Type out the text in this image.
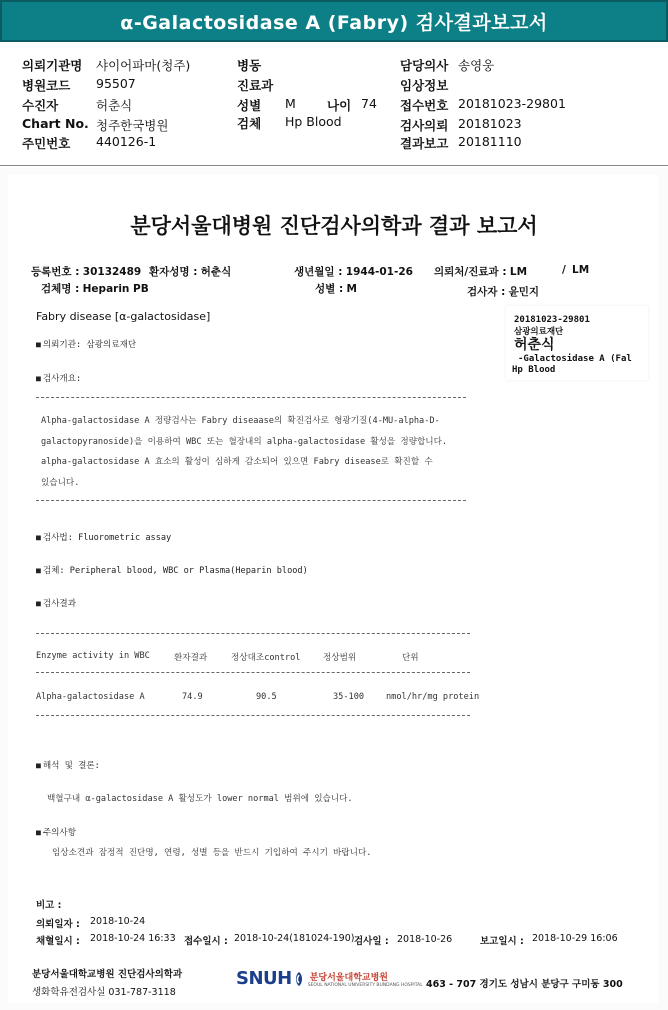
α-Galactosidase A (Fabry) 검사결과보고서
의뢰기관명 샤이어파마(청주)
병원코드 95507
수진자	허춘식
Chart No. 청주한국병원
주민번호 440126-1
병동
진료과
성별 M 나이 74
검체 Hp Blood
담당의사 송영웅
임상정보
접수번호 20181023-29801
검사의뢰 20181023
결과보고 20181110
분당서울대병원 진단검사의학과 결과 보고서
등록번호 : 30132489 환자성명 : 허춘식	생년월일 : 1944-01-26 의뢰처/진료과 : LM	/ LM
검체명 : Heparin PB	성별 : M	검사자 : 윤민지
Fabry disease [α-galactosidase]	20181023-29801
삼광의료재단
허춘식
-Galactosidase A (Fal
Hp Blood
■ 의뢰기관: 삼광의료재단
■ 검사개요:
Alpha-galactosidase A 정량검사는 Fabry diseaase의 확진검사로 형광기질(4-MU-alpha-D-
galactopyranoside)을 이용하여 WBC 또는 혈장내의 alpha-galactosidase 활성을 정량합니다.
alpha-galactosidase A 효소의 활성이 심하게 감소되어 있으면 Fabry disease로 확진할 수
있습니다.
■ 검사법: Fluorometric assay
■ 검체: Peripheral blood, WBC or Plasma(Heparin blood)
■ 검사결과
Enzyme activity in WBC	환자결과	정상대조control	정상범위	단위
Alpha-galactosidase A	74.9	90.5	35-100	nmol/hr/mg protein
■ 해석 및 결론:
백혈구내 α-galactosidase A 활성도가 lower normal 범위에 있습니다.
■ 주의사항
임상소견과 잠정적 진단명, 연령, 성별 등을 반드시 기입하여 주시기 바랍니다.
비고 :
의뢰일자 : 2018-10-24
채혈일시 : 2018-10-24 16:33 접수일시 : 2018-10-24(181024-190) 검사일 : 2018-10-26	보고일시 : 2018-10-29 16:06
분당서울대학교병원 진단검사의학과
생화학유전검사실 031-787-3118
SNUH 분당서울대학교병원
SEOUL NATIONAL UNIVERSITY BUNDANG HOSPITAL 463 - 707 경기도 성남시 분당구 구미동 300
